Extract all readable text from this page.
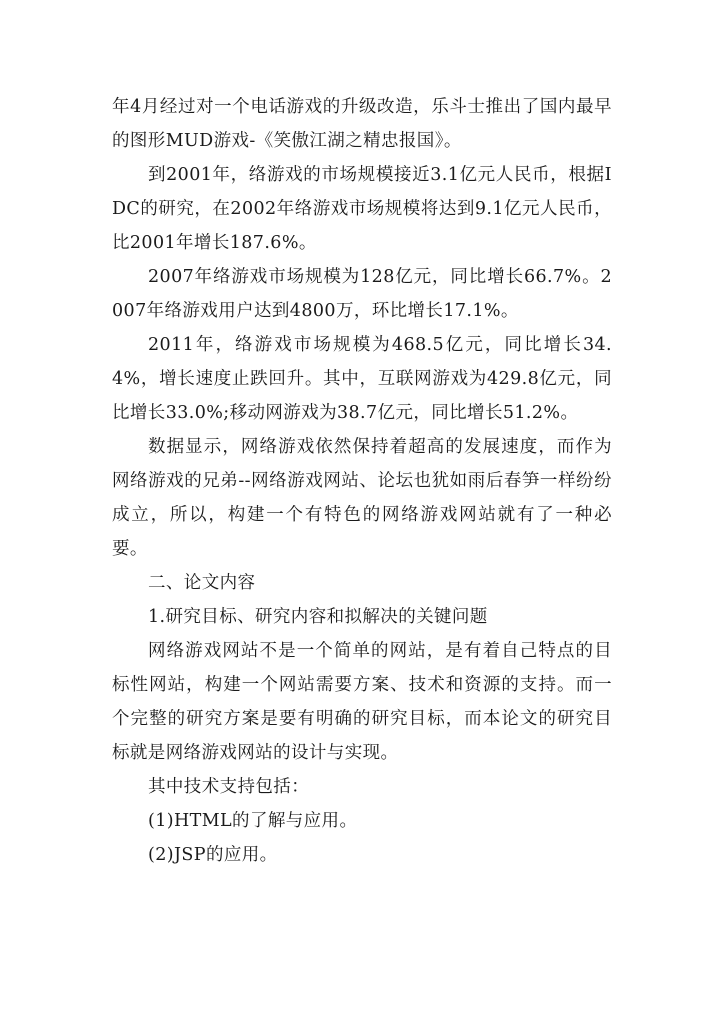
年4月经过对一个电话游戏的升级改造，乐斗士推出了国内最早的图形MUD游戏-《笑傲江湖之精忠报国》。

到2001年，络游戏的市场规模接近3.1亿元人民币，根据IDC的研究，在2002年络游戏市场规模将达到9.1亿元人民币，比2001年增长187.6%。

2007年络游戏市场规模为128亿元，同比增长66.7%。2007年络游戏用户达到4800万，环比增长17.1%。

2011年，络游戏市场规模为468.5亿元，同比增长34.4%，增长速度止跌回升。其中，互联网游戏为429.8亿元，同比增长33.0%;移动网游戏为38.7亿元，同比增长51.2%。

数据显示，网络游戏依然保持着超高的发展速度，而作为网络游戏的兄弟--网络游戏网站、论坛也犹如雨后春笋一样纷纷成立，所以，构建一个有特色的网络游戏网站就有了一种必要。

二、论文内容

1.研究目标、研究内容和拟解决的关键问题

网络游戏网站不是一个简单的网站，是有着自己特点的目标性网站，构建一个网站需要方案、技术和资源的支持。而一个完整的研究方案是要有明确的研究目标，而本论文的研究目标就是网络游戏网站的设计与实现。

其中技术支持包括：

(1)HTML的了解与应用。

(2)JSP的应用。
